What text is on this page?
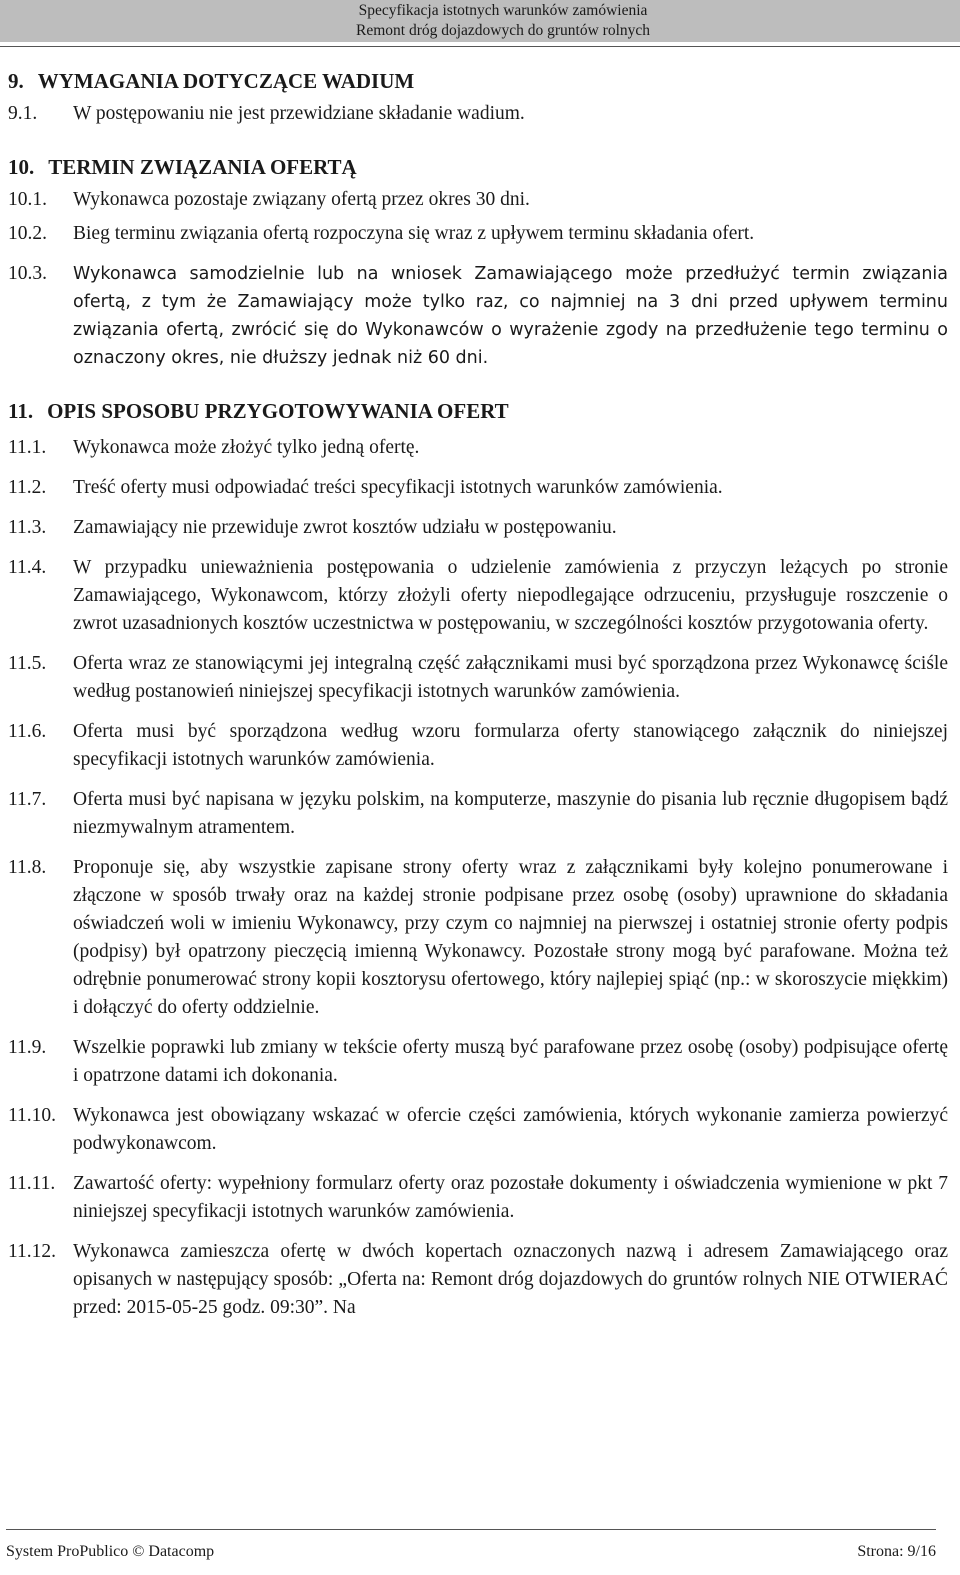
Specyfikacja istotnych warunków zamówienia
Remont dróg dojazdowych do gruntów rolnych
9. WYMAGANIA DOTYCZĄCE WADIUM
9.1.	W postępowaniu nie jest przewidziane składanie wadium.
10. TERMIN ZWIĄZANIA OFERTĄ
10.1.	Wykonawca pozostaje związany ofertą przez okres 30 dni.
10.2.	Bieg terminu związania ofertą rozpoczyna się wraz z upływem terminu składania ofert.
10.3.	Wykonawca samodzielnie lub na wniosek Zamawiającego może przedłużyć termin związania ofertą, z tym że Zamawiający może tylko raz, co najmniej na 3 dni przed upływem terminu związania ofertą, zwrócić się do Wykonawców o wyrażenie zgody na przedłużenie tego terminu o oznaczony okres, nie dłuższy jednak niż 60 dni.
11. OPIS SPOSOBU PRZYGOTOWYWANIA OFERT
11.1.	Wykonawca może złożyć tylko jedną ofertę.
11.2.	Treść oferty musi odpowiadać treści specyfikacji istotnych warunków zamówienia.
11.3.	Zamawiający nie przewiduje zwrot kosztów udziału w postępowaniu.
11.4.	W przypadku unieważnienia postępowania o udzielenie zamówienia z przyczyn leżących po stronie Zamawiającego, Wykonawcom, którzy złożyli oferty niepodlegające odrzuceniu, przysługuje roszczenie o zwrot uzasadnionych kosztów uczestnictwa w postępowaniu, w szczególności kosztów przygotowania oferty.
11.5.	Oferta wraz ze stanowiącymi jej integralną część załącznikami musi być sporządzona przez Wykonawcę ściśle według postanowień niniejszej specyfikacji istotnych warunków zamówienia.
11.6.	Oferta musi być sporządzona według wzoru formularza oferty stanowiącego załącznik do niniejszej specyfikacji istotnych warunków zamówienia.
11.7.	Oferta musi być napisana w języku polskim, na komputerze, maszynie do pisania lub ręcznie długopisem bądź niezmywalnym atramentem.
11.8.	Proponuje się, aby wszystkie zapisane strony oferty wraz z załącznikami były kolejno ponumerowane i złączone w sposób trwały oraz na każdej stronie podpisane przez osobę (osoby) uprawnione do składania oświadczeń woli w imieniu Wykonawcy, przy czym co najmniej na pierwszej i ostatniej stronie oferty podpis (podpisy) był opatrzony pieczęcią imienną Wykonawcy. Pozostałe strony mogą być parafowane. Można też odrębnie ponumerować strony kopii kosztorysu ofertowego, który najlepiej spiąć (np.: w skoroszycie miękkim) i dołączyć do oferty oddzielnie.
11.9.	Wszelkie poprawki lub zmiany w tekście oferty muszą być parafowane przez osobę (osoby) podpisujące ofertę i opatrzone datami ich dokonania.
11.10. Wykonawca jest obowiązany wskazać w ofercie części zamówienia, których wykonanie zamierza powierzyć podwykonawcom.
11.11. Zawartość oferty: wypełniony formularz oferty oraz pozostałe dokumenty i oświadczenia wymienione w pkt 7 niniejszej specyfikacji istotnych warunków zamówienia.
11.12. Wykonawca zamieszcza ofertę w dwóch kopertach oznaczonych nazwą i adresem Zamawiającego oraz opisanych w następujący sposób: „Oferta na: Remont dróg dojazdowych do gruntów rolnych NIE OTWIERAĆ przed: 2015-05-25 godz. 09:30”. Na
System ProPublico © Datacomp	Strona: 9/16
